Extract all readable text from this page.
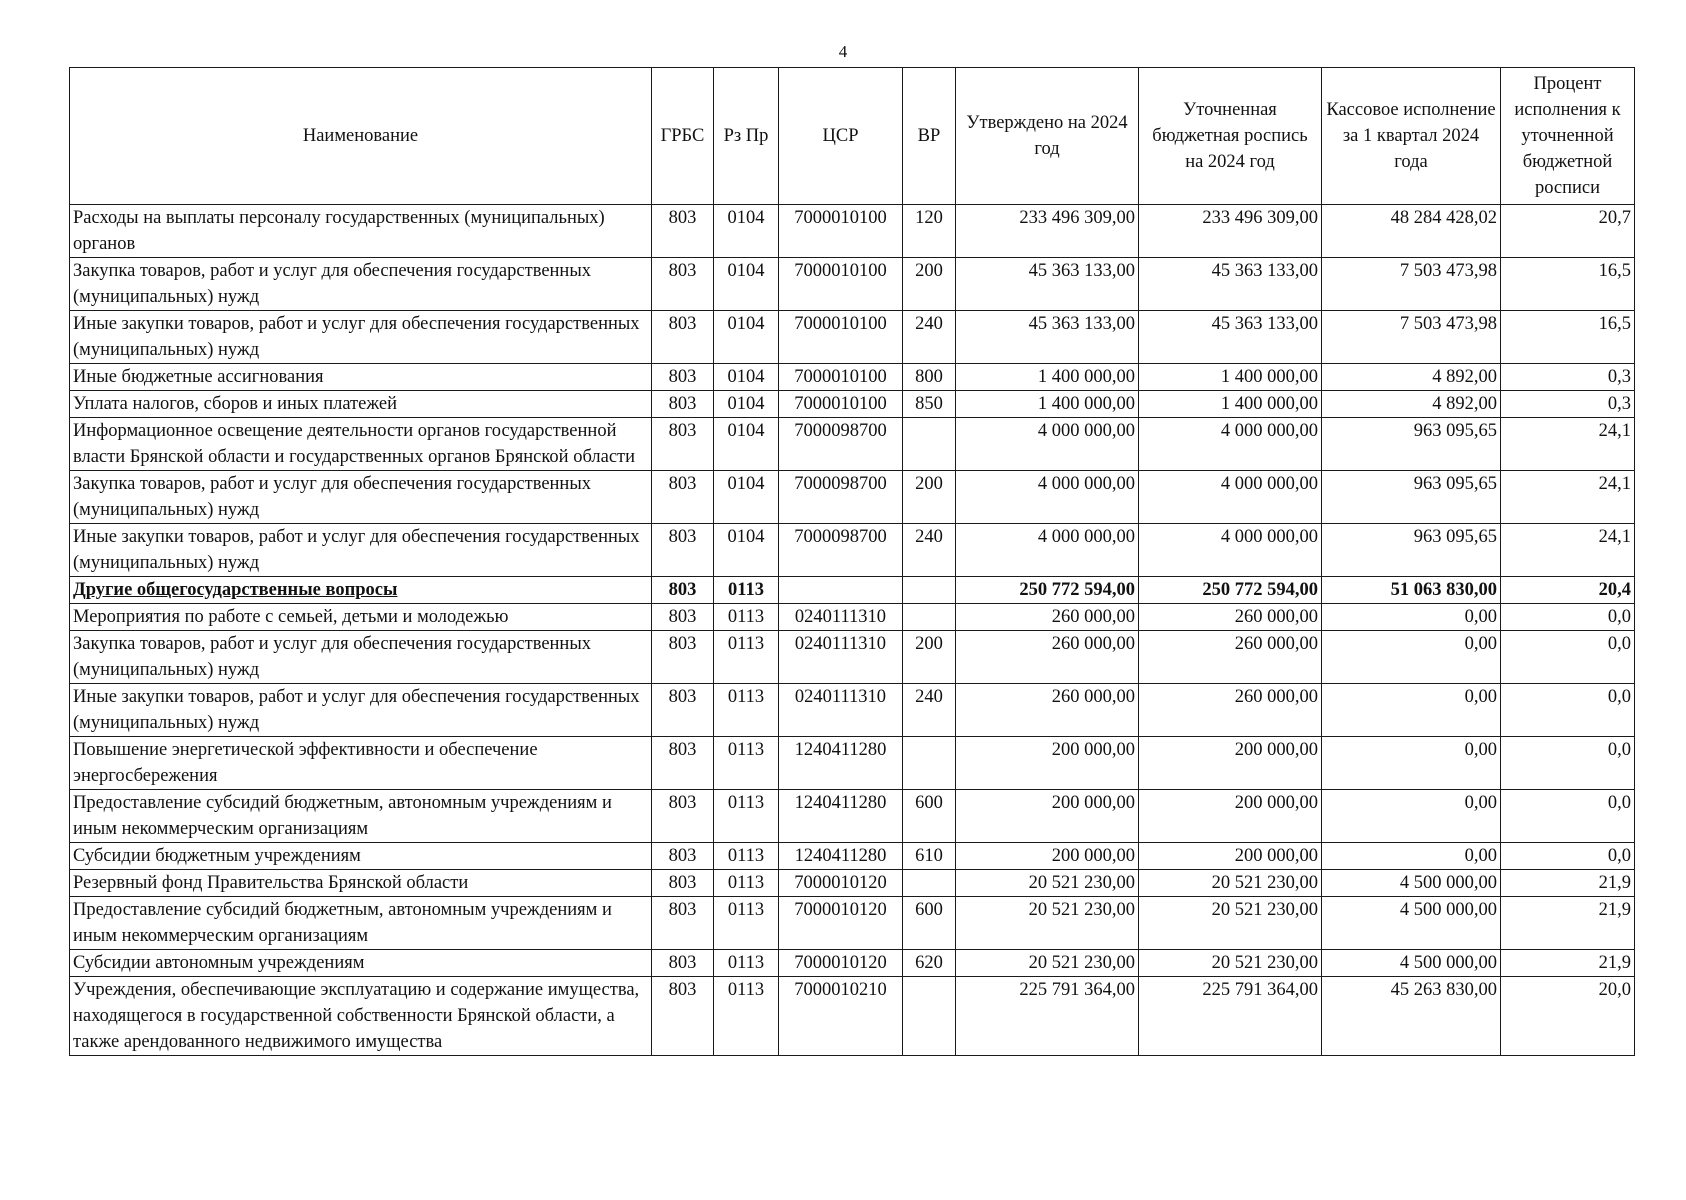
4
Наименование	ГРБС	Рз Пр	ЦСР	ВР	Утверждено на 2024 год	Уточненная бюджетная роспись на 2024 год	Кассовое исполнение за 1 квартал 2024 года	Процент исполнения к уточненной бюджетной росписи
Расходы на выплаты персоналу государственных (муниципальных) органов	803	0104	7000010100	120	233 496 309,00	233 496 309,00	48 284 428,02	20,7
Закупка товаров, работ и услуг для обеспечения государственных (муниципальных) нужд	803	0104	7000010100	200	45 363 133,00	45 363 133,00	7 503 473,98	16,5
Иные закупки товаров, работ и услуг для обеспечения государственных (муниципальных) нужд	803	0104	7000010100	240	45 363 133,00	45 363 133,00	7 503 473,98	16,5
Иные бюджетные ассигнования	803	0104	7000010100	800	1 400 000,00	1 400 000,00	4 892,00	0,3
Уплата налогов, сборов и иных платежей	803	0104	7000010100	850	1 400 000,00	1 400 000,00	4 892,00	0,3
Информационное освещение деятельности органов государственной власти Брянской области и государственных органов Брянской области	803	0104	7000098700		4 000 000,00	4 000 000,00	963 095,65	24,1
Закупка товаров, работ и услуг для обеспечения государственных (муниципальных) нужд	803	0104	7000098700	200	4 000 000,00	4 000 000,00	963 095,65	24,1
Иные закупки товаров, работ и услуг для обеспечения государственных (муниципальных) нужд	803	0104	7000098700	240	4 000 000,00	4 000 000,00	963 095,65	24,1
Другие общегосударственные вопросы	803	0113			250 772 594,00	250 772 594,00	51 063 830,00	20,4
Мероприятия по работе с семьей, детьми и молодежью	803	0113	0240111310		260 000,00	260 000,00	0,00	0,0
Закупка товаров, работ и услуг для обеспечения государственных (муниципальных) нужд	803	0113	0240111310	200	260 000,00	260 000,00	0,00	0,0
Иные закупки товаров, работ и услуг для обеспечения государственных (муниципальных) нужд	803	0113	0240111310	240	260 000,00	260 000,00	0,00	0,0
Повышение энергетической эффективности и обеспечение энергосбережения	803	0113	1240411280		200 000,00	200 000,00	0,00	0,0
Предоставление субсидий бюджетным, автономным учреждениям и иным некоммерческим организациям	803	0113	1240411280	600	200 000,00	200 000,00	0,00	0,0
Субсидии бюджетным учреждениям	803	0113	1240411280	610	200 000,00	200 000,00	0,00	0,0
Резервный фонд Правительства Брянской области	803	0113	7000010120		20 521 230,00	20 521 230,00	4 500 000,00	21,9
Предоставление субсидий бюджетным, автономным учреждениям и иным некоммерческим организациям	803	0113	7000010120	600	20 521 230,00	20 521 230,00	4 500 000,00	21,9
Субсидии автономным учреждениям	803	0113	7000010120	620	20 521 230,00	20 521 230,00	4 500 000,00	21,9
Учреждения, обеспечивающие эксплуатацию и содержание имущества, находящегося в государственной собственности Брянской области, а также арендованного недвижимого имущества	803	0113	7000010210		225 791 364,00	225 791 364,00	45 263 830,00	20,0
